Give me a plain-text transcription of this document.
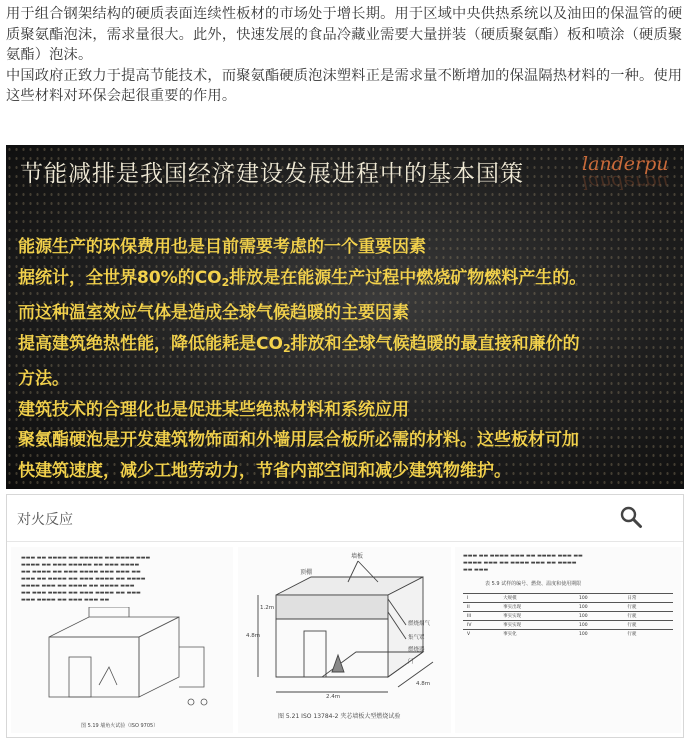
用于组合钢架结构的硬质表面连续性板材的市场处于增长期。用于区域中央供热系统以及油田的保温管的硬质聚氨酯泡沫，需求量很大。此外，快速发展的食品冷藏业需要大量拼装（硬质聚氨酯）板和喷涂（硬质聚氨酯）泡沫。

中国政府正致力于提高节能技术，而聚氨酯硬质泡沫塑料正是需求量不断增加的保温隔热材料的一种。使用这些材料对环保会起很重要的作用。

节能减排是我国经济建设发展进程中的基本国策	landerpu
landerpu
能源生产的环保费用也是目前需要考虑的一个重要因素
据统计，全世界80%的$CO_2$排放是在能源生产过程中燃烧矿物燃料产生的。
而这种温室效应气体是造成全球气候趋暖的主要因素
提高建筑绝热性能，降低能耗是$CO_2$排放和全球气候趋暖的最直接和廉价的
方法。
建筑技术的合理化也是促进某些绝热材料和系统应用
聚氨酯硬泡是开发建筑物饰面和外墙用层合板所必需的材料。这些板材可加
快建筑速度，减少工地劳动力，节省内部空间和减少建筑物维护。
对火反应
▬▬▬ ▬▬ ▬▬▬▬ ▬▬ ▬▬▬▬▬ ▬▬ ▬▬▬▬ ▬▬▬
▬▬▬▬ ▬▬ ▬▬▬ ▬▬▬▬▬ ▬▬ ▬▬▬ ▬▬▬▬
▬▬ ▬▬▬▬ ▬▬ ▬▬▬ ▬▬▬▬ ▬▬▬ ▬▬▬ ▬▬
▬▬▬ ▬▬ ▬▬▬▬ ▬▬ ▬▬▬ ▬▬▬▬ ▬▬ ▬▬▬▬
▬▬▬▬ ▬▬▬ ▬▬ ▬▬▬▬ ▬▬ ▬▬▬▬ ▬▬▬
▬▬ ▬▬▬ ▬▬▬▬ ▬▬ ▬▬▬ ▬▬▬▬ ▬▬ ▬▬▬
▬▬▬ ▬▬▬▬ ▬▬ ▬▬▬ ▬▬▬ ▬▬
图 5.19 墙角火试验（ISO 9705）
顶棚
墙板
燃烧烟气
集气罩
燃烧器
门
4.8m
2.4m
1.2m
4.8m
图 5.21 ISO 13784-2 夹芯墙板大型燃烧试验
▬▬▬ ▬▬ ▬▬▬▬ ▬▬▬ ▬▬ ▬▬▬▬ ▬▬▬ ▬▬
▬▬▬▬ ▬▬▬ ▬▬ ▬▬▬▬ ▬▬▬ ▬▬ ▬▬▬▬
▬▬ ▬▬▬
表 5.9 试样的编号、燃烧、温度和使用期限
I	大规模	100	日常
II	事实出现	100	行驶
III	事实实现	100	行驶
IV	事实实现	100	行驶
V	事实化	100	行驶
